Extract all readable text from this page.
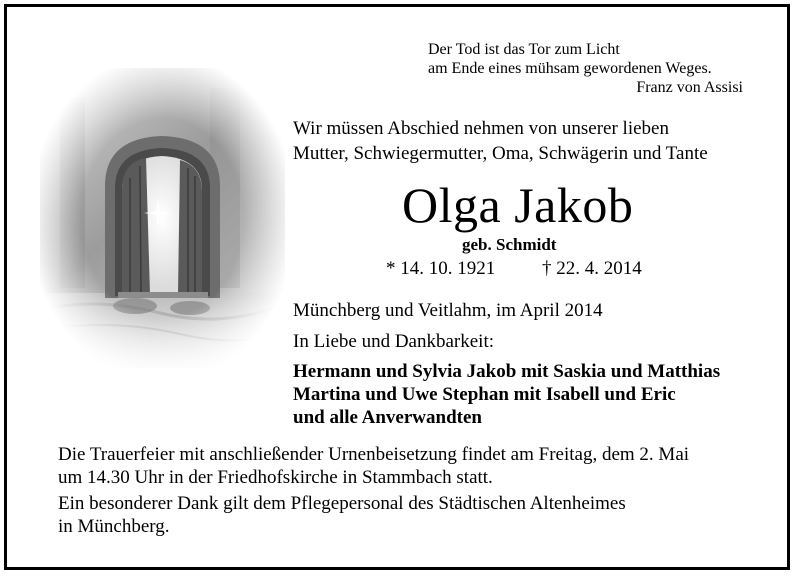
Der Tod ist das Tor zum Licht
am Ende eines mühsam gewordenen Weges.
Franz von Assisi
Wir müssen Abschied nehmen von unserer lieben
Mutter, Schwiegermutter, Oma, Schwägerin und Tante
Olga Jakob
geb. Schmidt
* 14. 10. 1921 † 22. 4. 2014
Münchberg und Veitlahm, im April 2014
In Liebe und Dankbarkeit:
Hermann und Sylvia Jakob mit Saskia und Matthias
Martina und Uwe Stephan mit Isabell und Eric
und alle Anverwandten
Die Trauerfeier mit anschließender Urnenbeisetzung findet am Freitag, dem 2. Mai
um 14.30 Uhr in der Friedhofskirche in Stammbach statt.
Ein besonderer Dank gilt dem Pflegepersonal des Städtischen Altenheimes
in Münchberg.
